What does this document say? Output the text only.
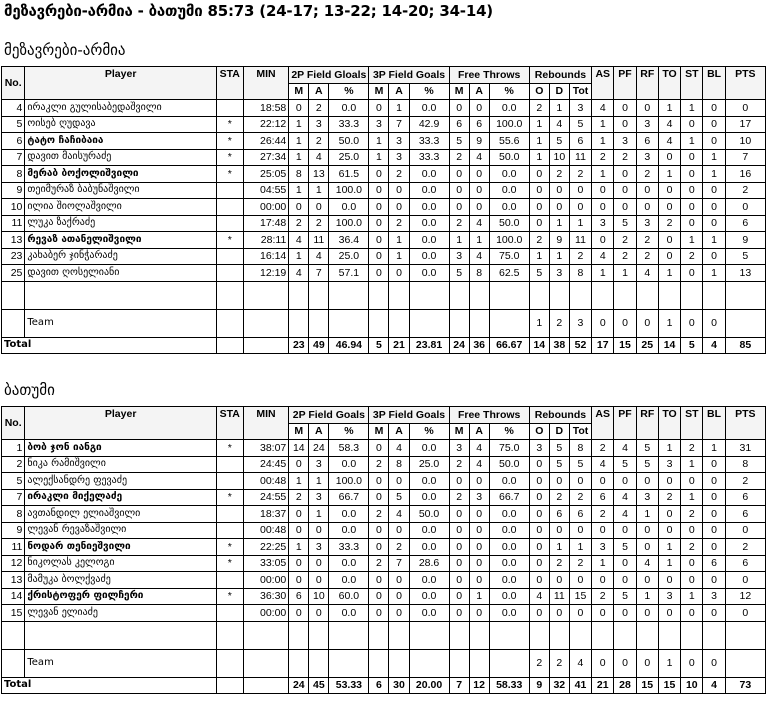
მეზავრები-არმია - ბათუმი 85:73 (24-17; 13-22; 14-20; 34-14)
მეზავრები-არმია
No.	Player	STA	MIN	2P Field Gloals			3P Field Goals			Free Throws			Rebounds			AS	PF	RF	TO	ST	BL	PTS
				M	A	%	M	A	%	M	A	%	O	D	Tot							
4	ირაკლი გულისაბედაშვილი		18:58	0	2	0.0	0	1	0.0	0	0	0.0	2	1	3	4	0	0	1	1	0	0
5	ოისებ ღუდავა	*	22:12	1	3	33.3	3	7	42.9	6	6	100.0	1	4	5	1	0	3	4	0	0	17
6	ტატო ჩაჩიბაია	*	26:44	1	2	50.0	1	3	33.3	5	9	55.6	1	5	6	1	3	6	4	1	0	10
7	დავით მაისურაძე	*	27:34	1	4	25.0	1	3	33.3	2	4	50.0	1	10	11	2	2	3	0	0	1	7
8	მერაბ ბოქოლიშვილი	*	25:05	8	13	61.5	0	2	0.0	0	0	0.0	0	2	2	1	0	2	1	0	1	16
9	თეიმურაზ ბაბუნაშვილი		04:55	1	1	100.0	0	0	0.0	0	0	0.0	0	0	0	0	0	0	0	0	0	2
10	ილია შიოლაშვილი		00:00	0	0	0.0	0	0	0.0	0	0	0.0	0	0	0	0	0	0	0	0	0	0
11	ლუკა ზაქრაძე		17:48	2	2	100.0	0	2	0.0	2	4	50.0	0	1	1	3	5	3	2	0	0	6
13	რევაზ ათანელიშვილი	*	28:11	4	11	36.4	0	1	0.0	1	1	100.0	2	9	11	0	2	2	0	1	1	9
23	კახაბერ ჯინჭარაძე		16:14	1	4	25.0	0	1	0.0	3	4	75.0	1	1	2	4	2	2	0	2	0	5
25	დავით ღოსელიანი		12:19	4	7	57.1	0	0	0.0	5	8	62.5	5	3	8	1	1	4	1	0	1	13

	Team												1	2	3	0	0	0	1	0	0	
Total				23	49	46.94	5	21	23.81	24	36	66.67	14	38	52	17	15	25	14	5	4	85
ბათუმი
No.	Player	STA	MIN	2P Field Goals			3P Field Goals			Free Throws			Rebounds			AS	PF	RF	TO	ST	BL	PTS
				M	A	%	M	A	%	M	A	%	O	D	Tot							
1	ბობ ჯონ იანგი	*	38:07	14	24	58.3	0	4	0.0	3	4	75.0	3	5	8	2	4	5	1	2	1	31
2	ნიკა რამიშვილი		24:45	0	3	0.0	2	8	25.0	2	4	50.0	0	5	5	4	5	5	3	1	0	8
5	ალექსანდრე ფევაძე		00:48	1	1	100.0	0	0	0.0	0	0	0.0	0	0	0	0	0	0	0	0	0	2
7	ირაკლი მიქელაძე	*	24:55	2	3	66.7	0	5	0.0	2	3	66.7	0	2	2	6	4	3	2	1	0	6
8	ავთანდილ ელიაშვილი		18:37	0	1	0.0	2	4	50.0	0	0	0.0	0	6	6	2	4	1	0	2	0	6
9	ლევან რევაზაშვილი		00:48	0	0	0.0	0	0	0.0	0	0	0.0	0	0	0	0	0	0	0	0	0	0
11	ნოდარ თენიეშვილი	*	22:25	1	3	33.3	0	2	0.0	0	0	0.0	0	1	1	3	5	0	1	2	0	2
12	ნიკოლას კელოგი	*	33:05	0	0	0.0	2	7	28.6	0	0	0.0	0	2	2	1	0	4	1	0	6	6
13	მამუკა ბოლქვაძე		00:00	0	0	0.0	0	0	0.0	0	0	0.0	0	0	0	0	0	0	0	0	0	0
14	ქრისტოფერ ფილჩერი	*	36:30	6	10	60.0	0	0	0.0	0	1	0.0	4	11	15	2	5	1	3	1	3	12
15	ლევან ელიაძე		00:00	0	0	0.0	0	0	0.0	0	0	0.0	0	0	0	0	0	0	0	0	0	0

	Team												2	2	4	0	0	0	1	0	0	
Total				24	45	53.33	6	30	20.00	7	12	58.33	9	32	41	21	28	15	15	10	4	73
